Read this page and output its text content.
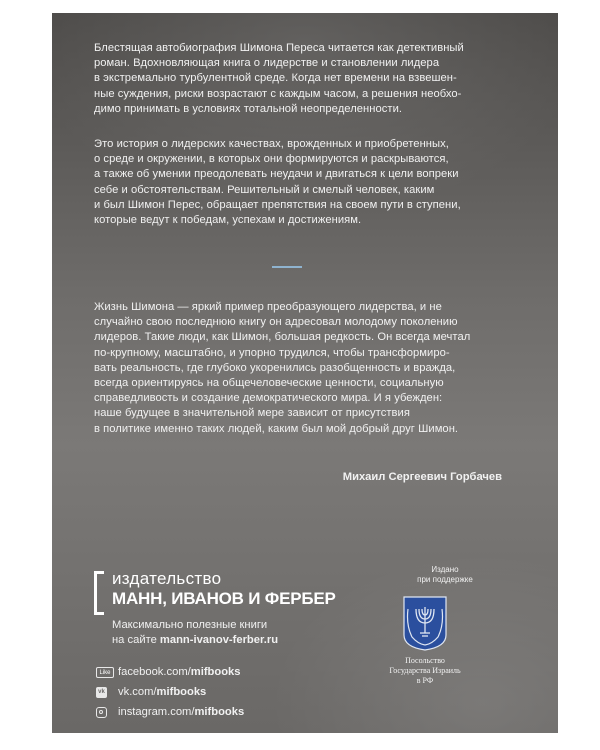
Блестящая автобиография Шимона Переса читается как детективный
роман. Вдохновляющая книга о лидерстве и становлении лидера
в экстремально турбулентной среде. Когда нет времени на взвешен-
ные суждения, риски возрастают с каждым часом, а решения необхо-
димо принимать в условиях тотальной неопределенности.

Это история о лидерских качествах, врожденных и приобретенных,
о среде и окружении, в которых они формируются и раскрываются,
а также об умении преодолевать неудачи и двигаться к цели вопреки
себе и обстоятельствам. Решительный и смелый человек, каким
и был Шимон Перес, обращает препятствия на своем пути в ступени,
которые ведут к победам, успехам и достижениям.

Жизнь Шимона — яркий пример преобразующего лидерства, и не
случайно свою последнюю книгу он адресовал молодому поколению
лидеров. Такие люди, как Шимон, большая редкость. Он всегда мечтал
по-крупному, масштабно, и упорно трудился, чтобы трансформиро-
вать реальность, где глубоко укоренились разобщенность и вражда,
всегда ориентируясь на общечеловеческие ценности, социальную
справедливость и создание демократического мира. И я убежден:
наше будущее в значительной мере зависит от присутствия
в политике именно таких людей, каким был мой добрый друг Шимон.

Михаил Сергеевич Горбачев
издательство
МАНН, ИВАНОВ И ФЕРБЕР
Максимально полезные книги
на сайте mann-ivanov-ferber.ru
Like facebook.com/mifbooks
vk vk.com/mifbooks
instagram.com/mifbooks
Издано
при поддержке
Посольство
Государства Израиль
в РФ
